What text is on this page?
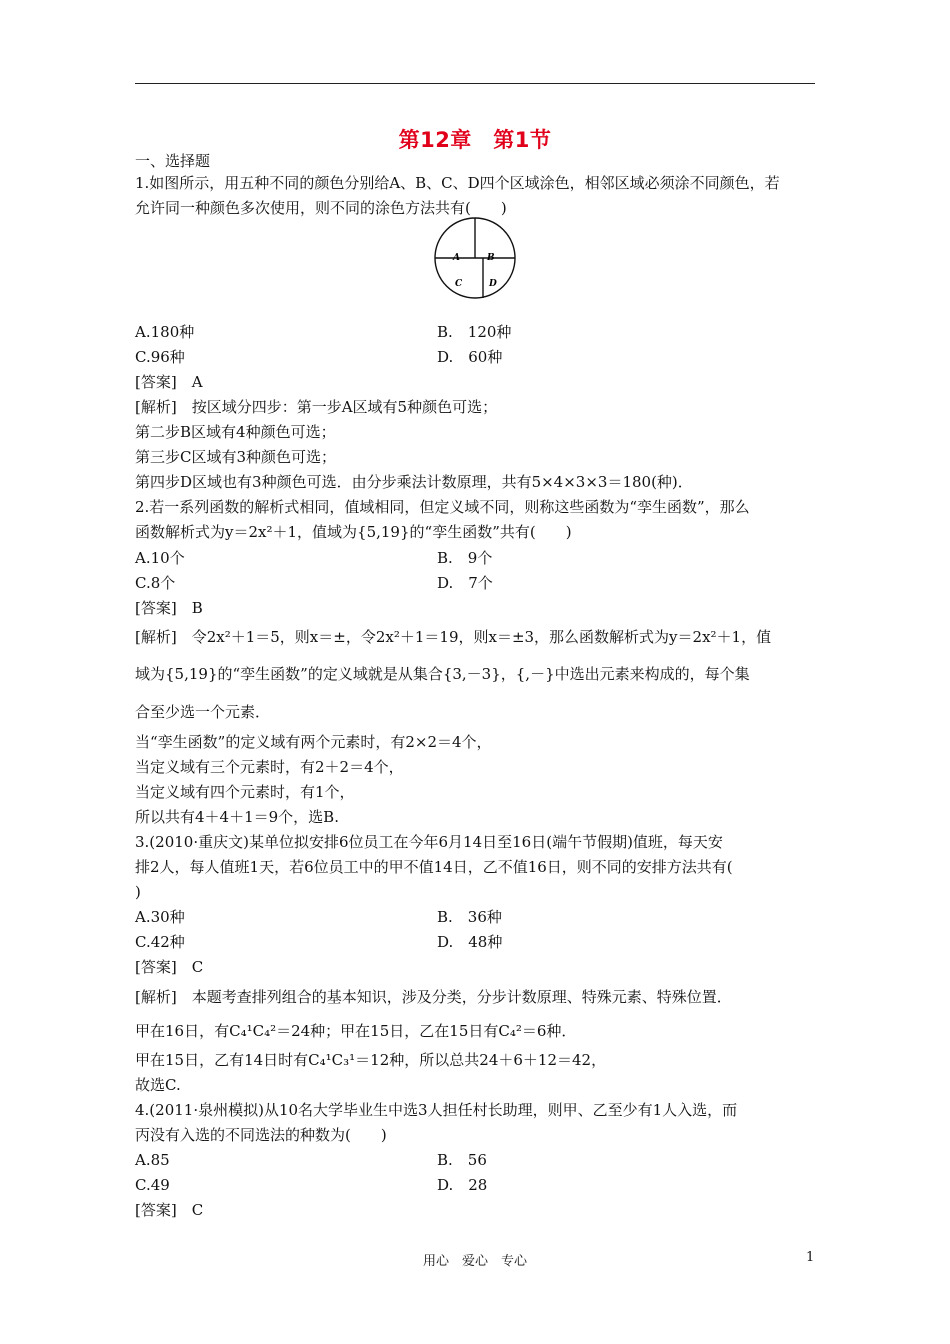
第12章　第1节
一、选择题
1.如图所示，用五种不同的颜色分别给A、B、C、D四个区域涂色，相邻区域必须涂不同颜色，若
允许同一种颜色多次使用，则不同的涂色方法共有(　　)
A	B
C	D
A.180种	B.　120种
C.96种	D.　60种
[答案]　A
[解析]　按区域分四步：第一步A区域有5种颜色可选；
第二步B区域有4种颜色可选；
第三步C区域有3种颜色可选；
第四步D区域也有3种颜色可选．由分步乘法计数原理，共有5×4×3×3＝180(种)．
2.若一系列函数的解析式相同，值域相同，但定义域不同，则称这些函数为“孪生函数”，那么
函数解析式为y＝2x²＋1，值域为{5,19}的“孪生函数”共有(　　)
A.10个	B.　9个
C.8个	D.　7个
[答案]　B
[解析]　令2x²＋1＝5，则x＝±，令2x²＋1＝19，则x＝±3，那么函数解析式为y＝2x²＋1，值
域为{5,19}的“孪生函数”的定义域就是从集合{3,－3}，{,－}中选出元素来构成的，每个集
合至少选一个元素．
当“孪生函数”的定义域有两个元素时，有2×2＝4个，
当定义域有三个元素时，有2＋2＝4个，
当定义域有四个元素时，有1个，
所以共有4＋4＋1＝9个，选B.
3.(2010·重庆文)某单位拟安排6位员工在今年6月14日至16日(端午节假期)值班，每天安
排2人，每人值班1天，若6位员工中的甲不值14日，乙不值16日，则不同的安排方法共有(
)
A.30种	B.　36种
C.42种	D.　48种
[答案]　C
[解析]　本题考查排列组合的基本知识，涉及分类，分步计数原理、特殊元素、特殊位置．
甲在16日，有C₄¹C₄²＝24种；甲在15日，乙在15日有C₄²＝6种．
甲在15日，乙有14日时有C₄¹C₃¹＝12种，所以总共24＋6＋12＝42，
故选C.
4.(2011·泉州模拟)从10名大学毕业生中选3人担任村长助理，则甲、乙至少有1人入选，而
丙没有入选的不同选法的种数为(　　)
A.85	B.　56
C.49	D.　28
[答案]　C
用心　爱心　专心	1
